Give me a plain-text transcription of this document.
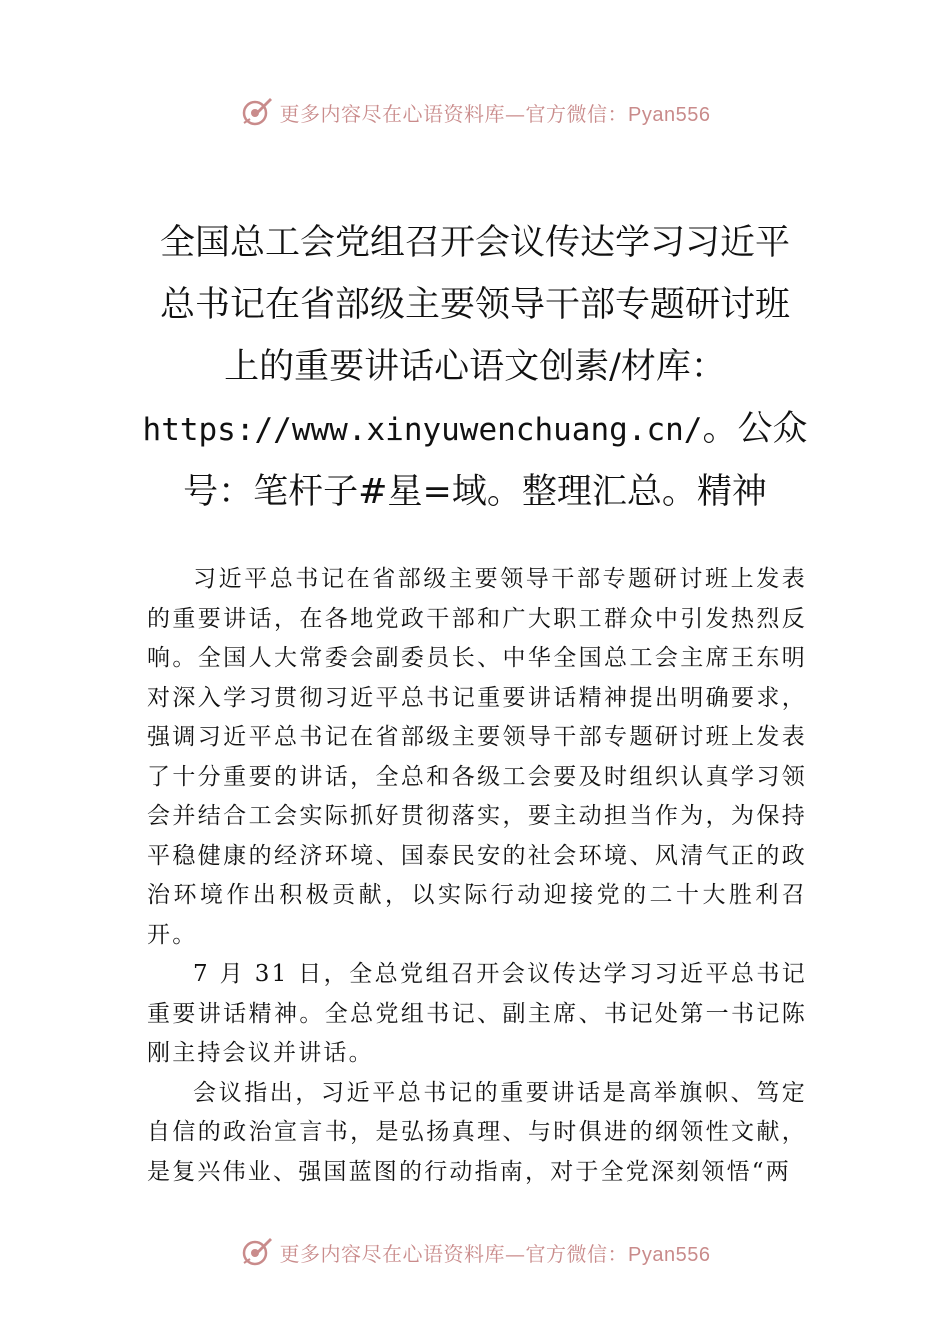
更多内容尽在心语资料库—官方微信：Pyan556
全国总工会党组召开会议传达学习习近平
总书记在省部级主要领导干部专题研讨班
上的重要讲话心语文创素/材库：
https://www.xinyuwenchuang.cn/。公众
号：笔杆子#星=域。整理汇总。精神

习近平总书记在省部级主要领导干部专题研讨班上发表的重要讲话，在各地党政干部和广大职工群众中引发热烈反响。全国人大常委会副委员长、中华全国总工会主席王东明对深入学习贯彻习近平总书记重要讲话精神提出明确要求，强调习近平总书记在省部级主要领导干部专题研讨班上发表了十分重要的讲话，全总和各级工会要及时组织认真学习领会并结合工会实际抓好贯彻落实，要主动担当作为，为保持平稳健康的经济环境、国泰民安的社会环境、风清气正的政治环境作出积极贡献，以实际行动迎接党的二十大胜利召开。

7 月 31 日，全总党组召开会议传达学习习近平总书记重要讲话精神。全总党组书记、副主席、书记处第一书记陈刚主持会议并讲话。

会议指出，习近平总书记的重要讲话是高举旗帜、笃定自信的政治宣言书，是弘扬真理、与时俱进的纲领性文献，是复兴伟业、强国蓝图的行动指南，对于全党深刻领悟“两

更多内容尽在心语资料库—官方微信：Pyan556
